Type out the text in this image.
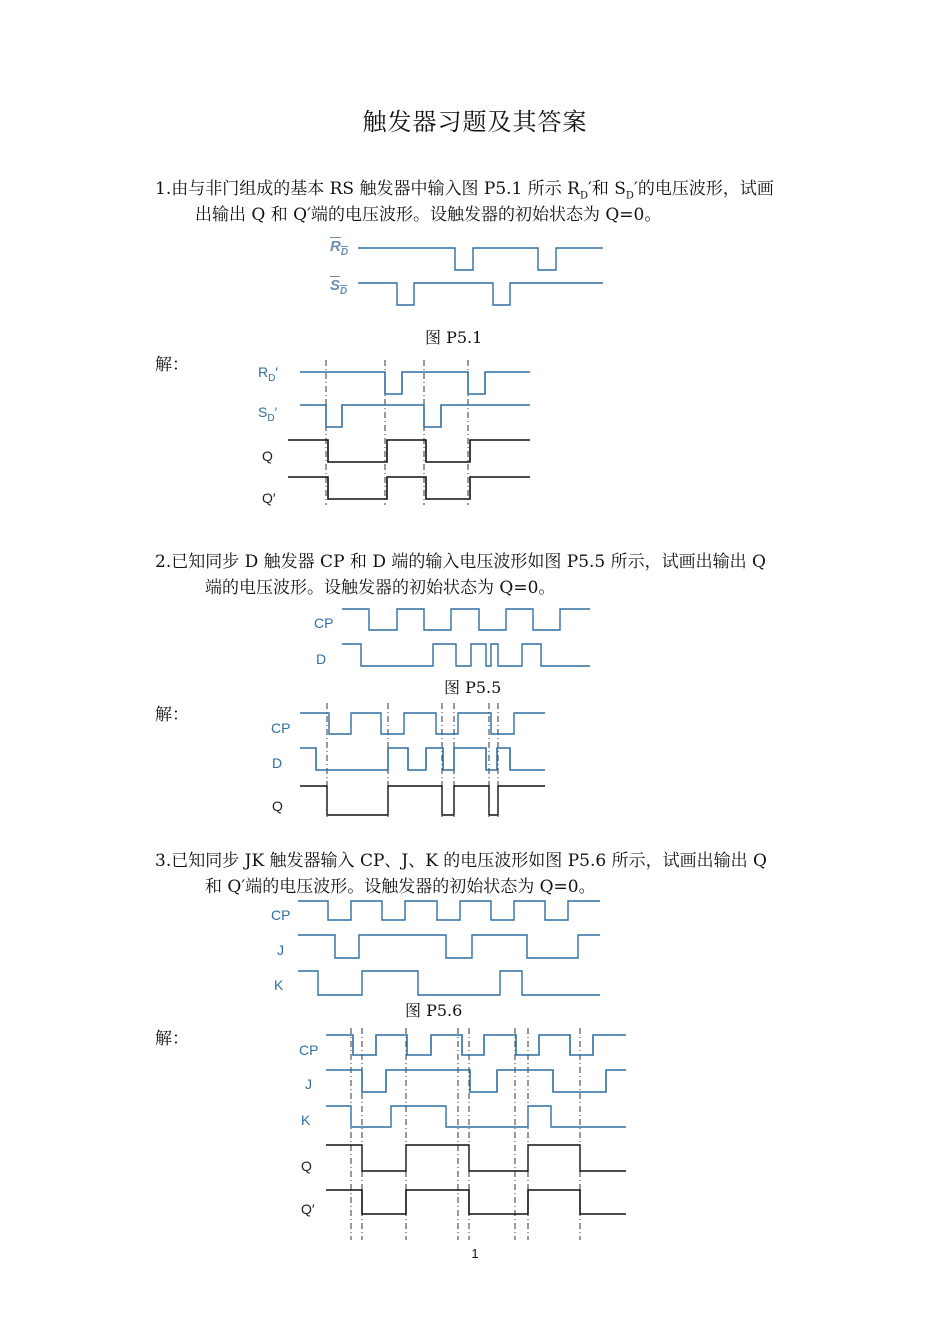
触发器习题及其答案
1.由与非门组成的基本 RS 触发器中输入图 P5.1 所示 $R_D'$和 $S_D'$的电压波形，试画
出输出 Q 和 Q′端的电压波形。设触发器的初始状态为 Q=0。
$R_D$
$S_D$
图 P5.1
解：	$R_D'$
$S_D'$
Q
Q′
2.已知同步 D 触发器 CP 和 D 端的输入电压波形如图 P5.5 所示，试画出输出 Q
端的电压波形。设触发器的初始状态为 Q=0。
CP
D
图 P5.5
解：
CP
D
Q
3.已知同步 JK 触发器输入 CP、J、K 的电压波形如图 P5.6 所示，试画出输出 Q
和 Q′端的电压波形。设触发器的初始状态为 Q=0。
CP
J
K
图 P5.6
解：
CP
J
K
Q
Q′
1
